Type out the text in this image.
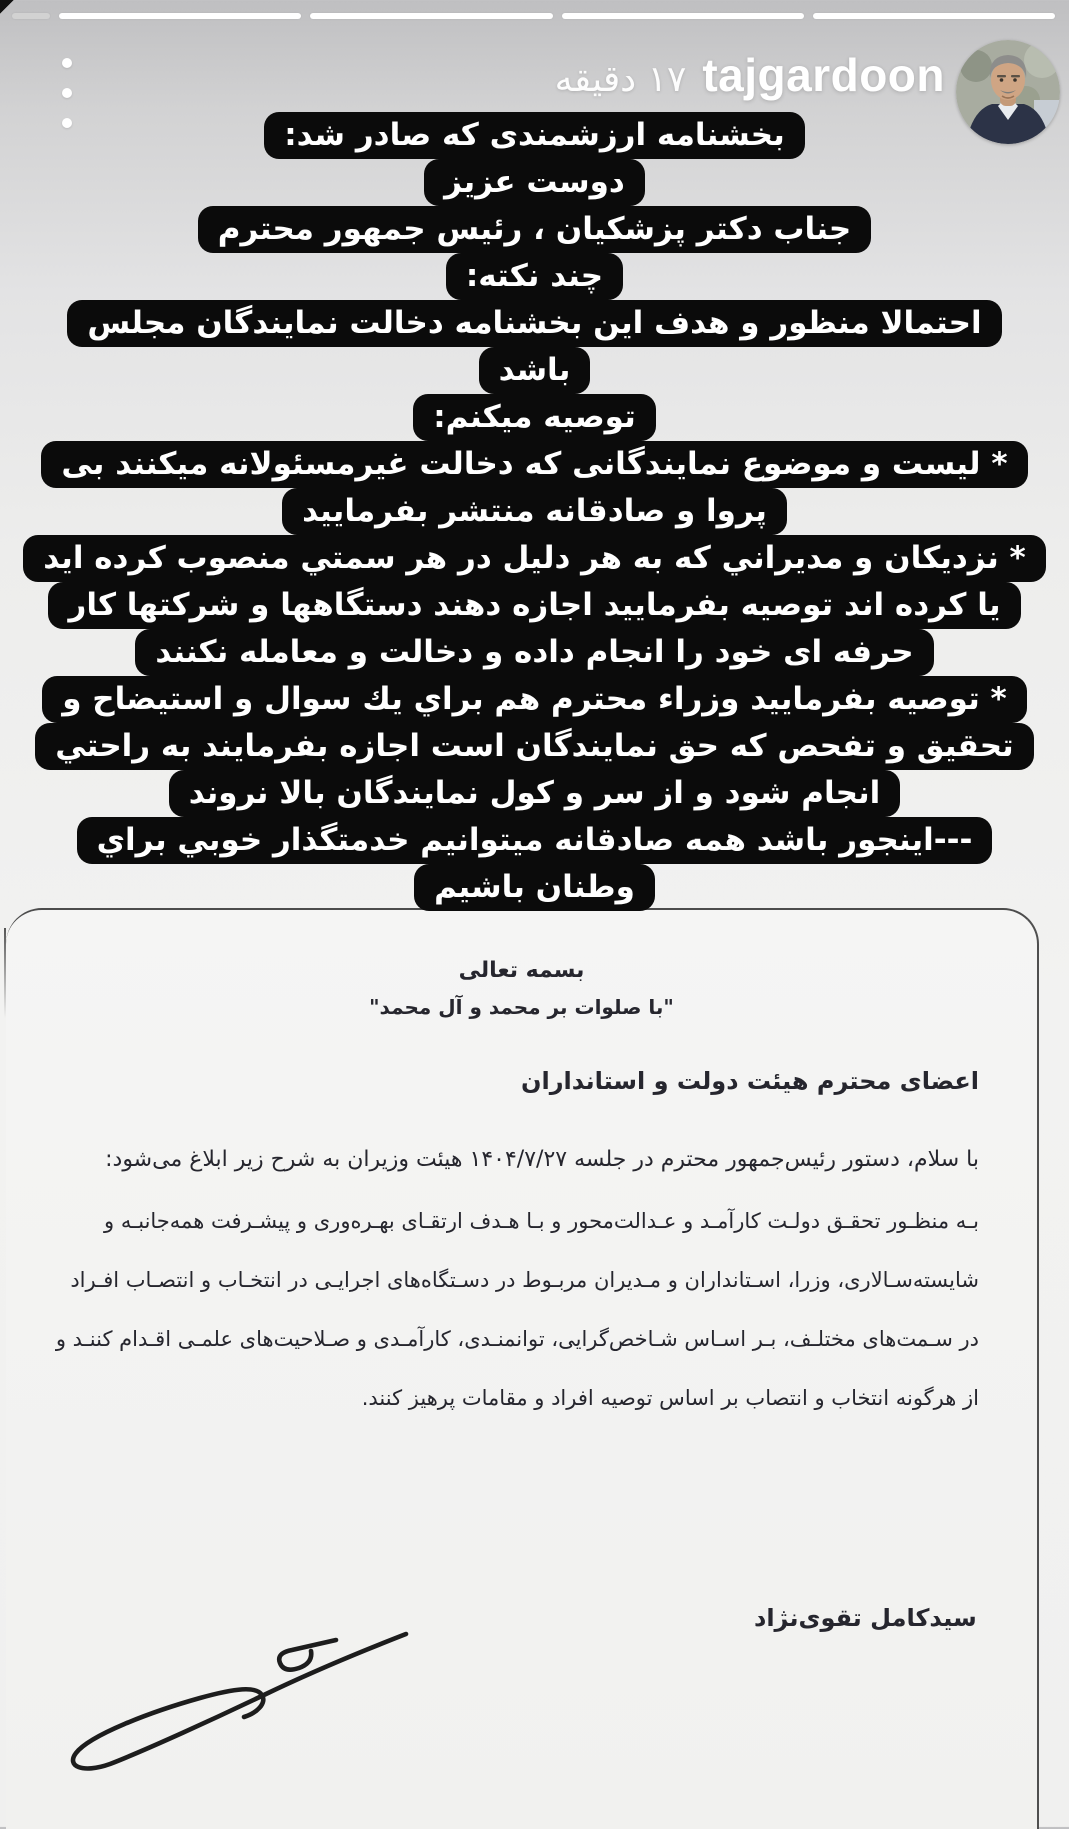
tajgardoon
۱۷ دقیقه
بخشنامه ارزشمندی که صادر شد:
دوست عزیز
جناب دکتر پزشکیان ، رئیس جمهور محترم
چند نکته:
احتمالا منظور و هدف این بخشنامه دخالت نمایندگان مجلس
باشد
توصیه میکنم:
* لیست و موضوع نمایندگانی که دخالت غیرمسئولانه میکنند بی
پروا و صادقانه منتشر بفرمایید
* نزدیکان و مدیراني که به هر دلیل در هر سمتي منصوب کرده اید
یا کرده اند توصیه بفرمایید اجازه دهند دستگاهها و شرکتها کار
حرفه ای خود را انجام داده و دخالت و معامله نکنند
* توصیه بفرمایید وزراء محترم هم براي یك سوال و استیضاح و
تحقیق و تفحص که حق نمایندگان است اجازه بفرمایند به راحتي
انجام شود و از سر و کول نمایندگان بالا نروند
---اینجور باشد همه صادقانه میتوانیم خدمتگذار خوبي براي
وطنان باشیم
بسمه تعالی
"با صلوات بر محمد و آل محمد"
اعضای محترم هیئت دولت و استانداران
با سلام، دستور رئیس‌جمهور محترم در جلسه ۱۴۰۴/۷/۲۷ هیئت وزیران به شرح زیر ابلاغ می‌شود:
بـه منظـور تحقـق دولـت کارآمـد و عـدالت‌محور و بـا هـدف ارتقـای بهـره‌وری و پیشـرفت همه‌جانبـه و
شایسته‌سـالاری، وزرا، اسـتانداران و مـدیران مربـوط در دسـتگاه‌های اجرایـی در انتخـاب و انتصـاب افـراد
در سـمت‌های مختلـف، بـر اسـاس شـاخص‌گرایی، توانمنـدی، کارآمـدی و صـلاحیت‌های علمـی اقـدام کننـد و
از هرگونه انتخاب و انتصاب بر اساس توصیه افراد و مقامات پرهیز کنند.
سیدکامل تقوی‌نژاد
